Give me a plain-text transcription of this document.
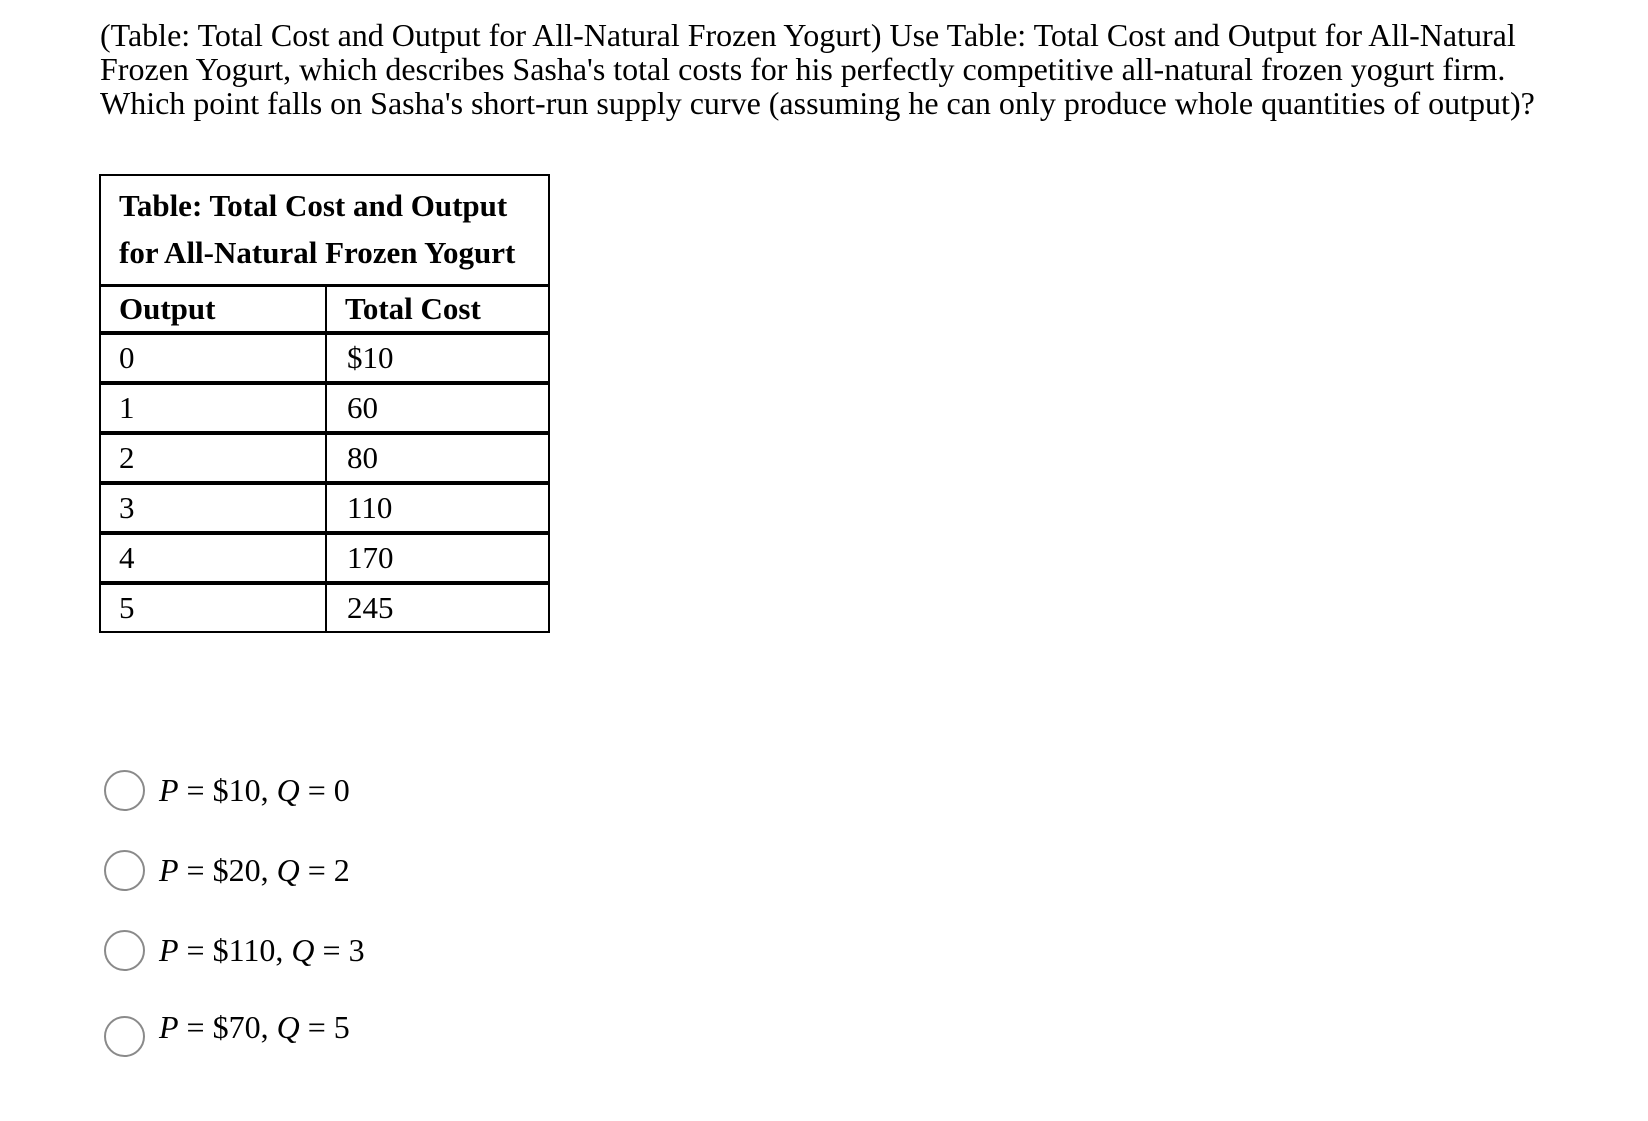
(Table: Total Cost and Output for All-Natural Frozen Yogurt) Use Table: Total Cost and Output for All-Natural Frozen Yogurt, which describes Sasha's total costs for his perfectly competitive all-natural frozen yogurt firm. Which point falls on Sasha's short-run supply curve (assuming he can only produce whole quantities of output)?

Table: Total Cost and Output for All-Natural Frozen Yogurt	
Output	Total Cost
0	$10
1	60
2	80
3	110
4	170
5	245
P = $10, Q = 0
P = $20, Q = 2
P = $110, Q = 3
P = $70, Q = 5
